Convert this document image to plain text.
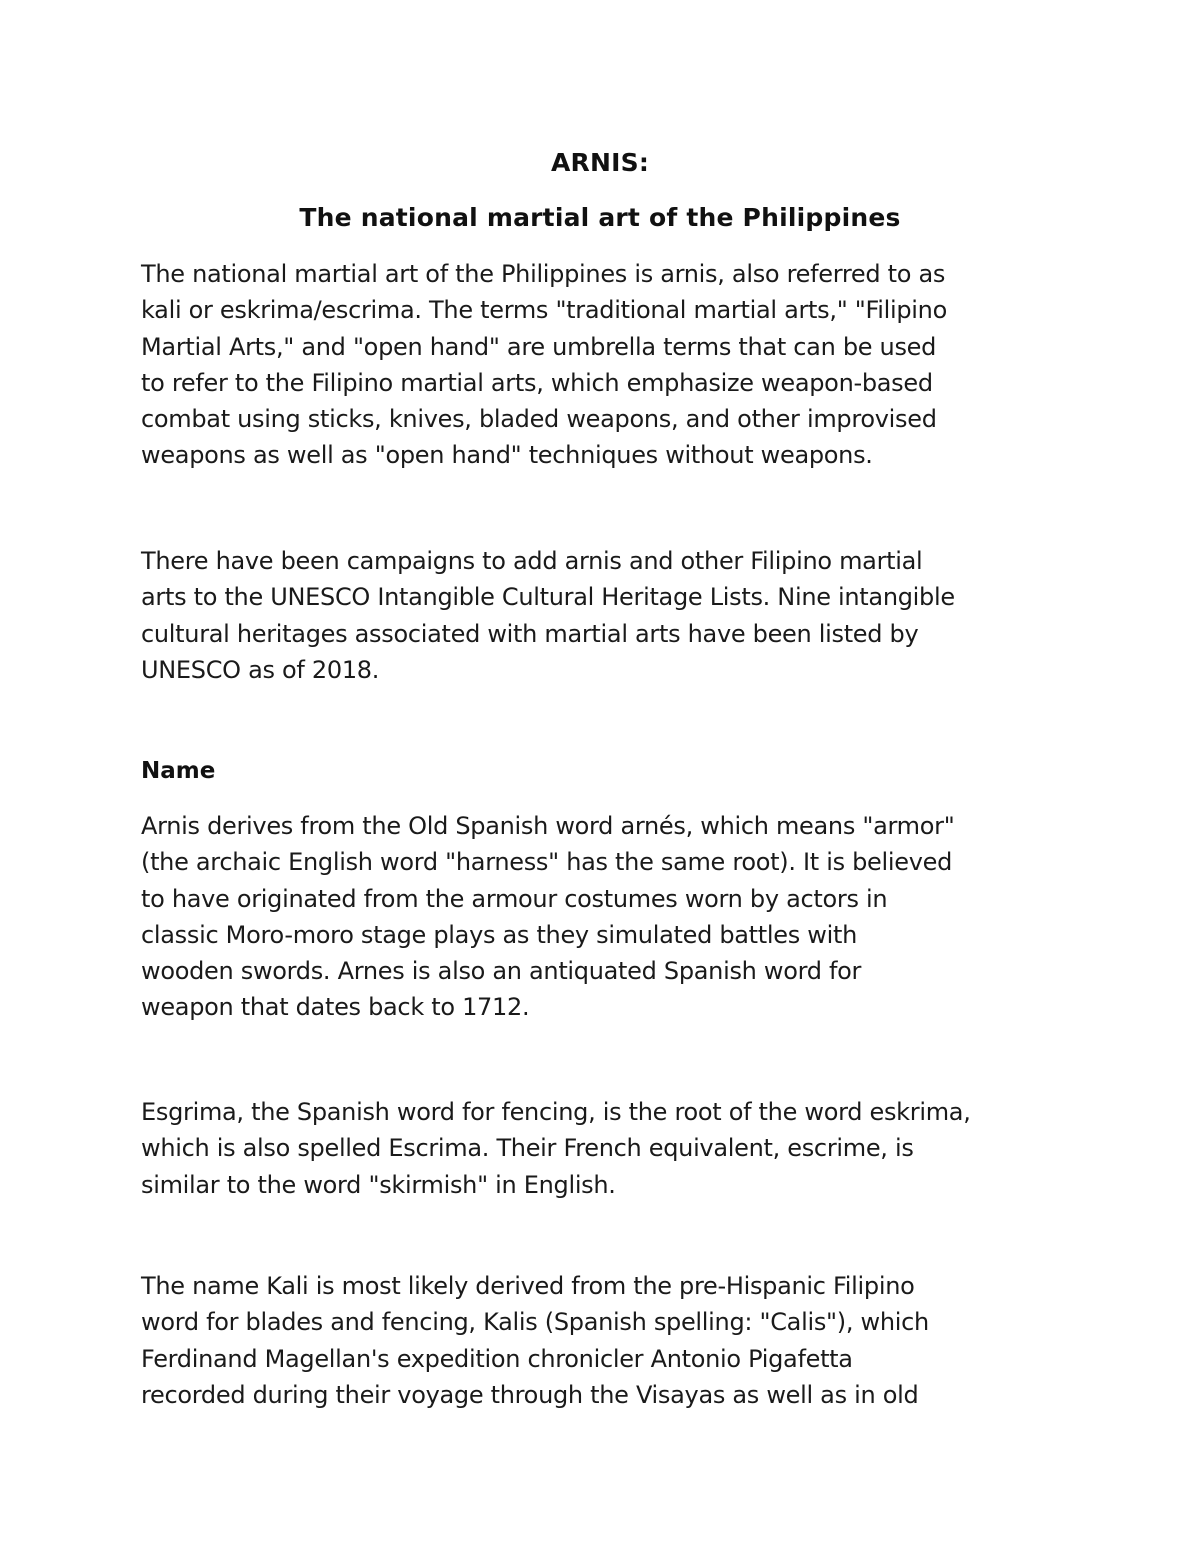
ARNIS:
The national martial art of the Philippines

The national martial art of the Philippines is arnis, also referred to as
kali or eskrima/escrima. The terms "traditional martial arts," "Filipino
Martial Arts," and "open hand" are umbrella terms that can be used
to refer to the Filipino martial arts, which emphasize weapon-based
combat using sticks, knives, bladed weapons, and other improvised
weapons as well as "open hand" techniques without weapons.

There have been campaigns to add arnis and other Filipino martial
arts to the UNESCO Intangible Cultural Heritage Lists. Nine intangible
cultural heritages associated with martial arts have been listed by
UNESCO as of 2018.

Name

Arnis derives from the Old Spanish word arnés, which means "armor"
(the archaic English word "harness" has the same root). It is believed
to have originated from the armour costumes worn by actors in
classic Moro-moro stage plays as they simulated battles with
wooden swords. Arnes is also an antiquated Spanish word for
weapon that dates back to 1712.

Esgrima, the Spanish word for fencing, is the root of the word eskrima,
which is also spelled Escrima. Their French equivalent, escrime, is
similar to the word "skirmish" in English.

The name Kali is most likely derived from the pre-Hispanic Filipino
word for blades and fencing, Kalis (Spanish spelling: "Calis"), which
Ferdinand Magellan's expedition chronicler Antonio Pigafetta
recorded during their voyage through the Visayas as well as in old
